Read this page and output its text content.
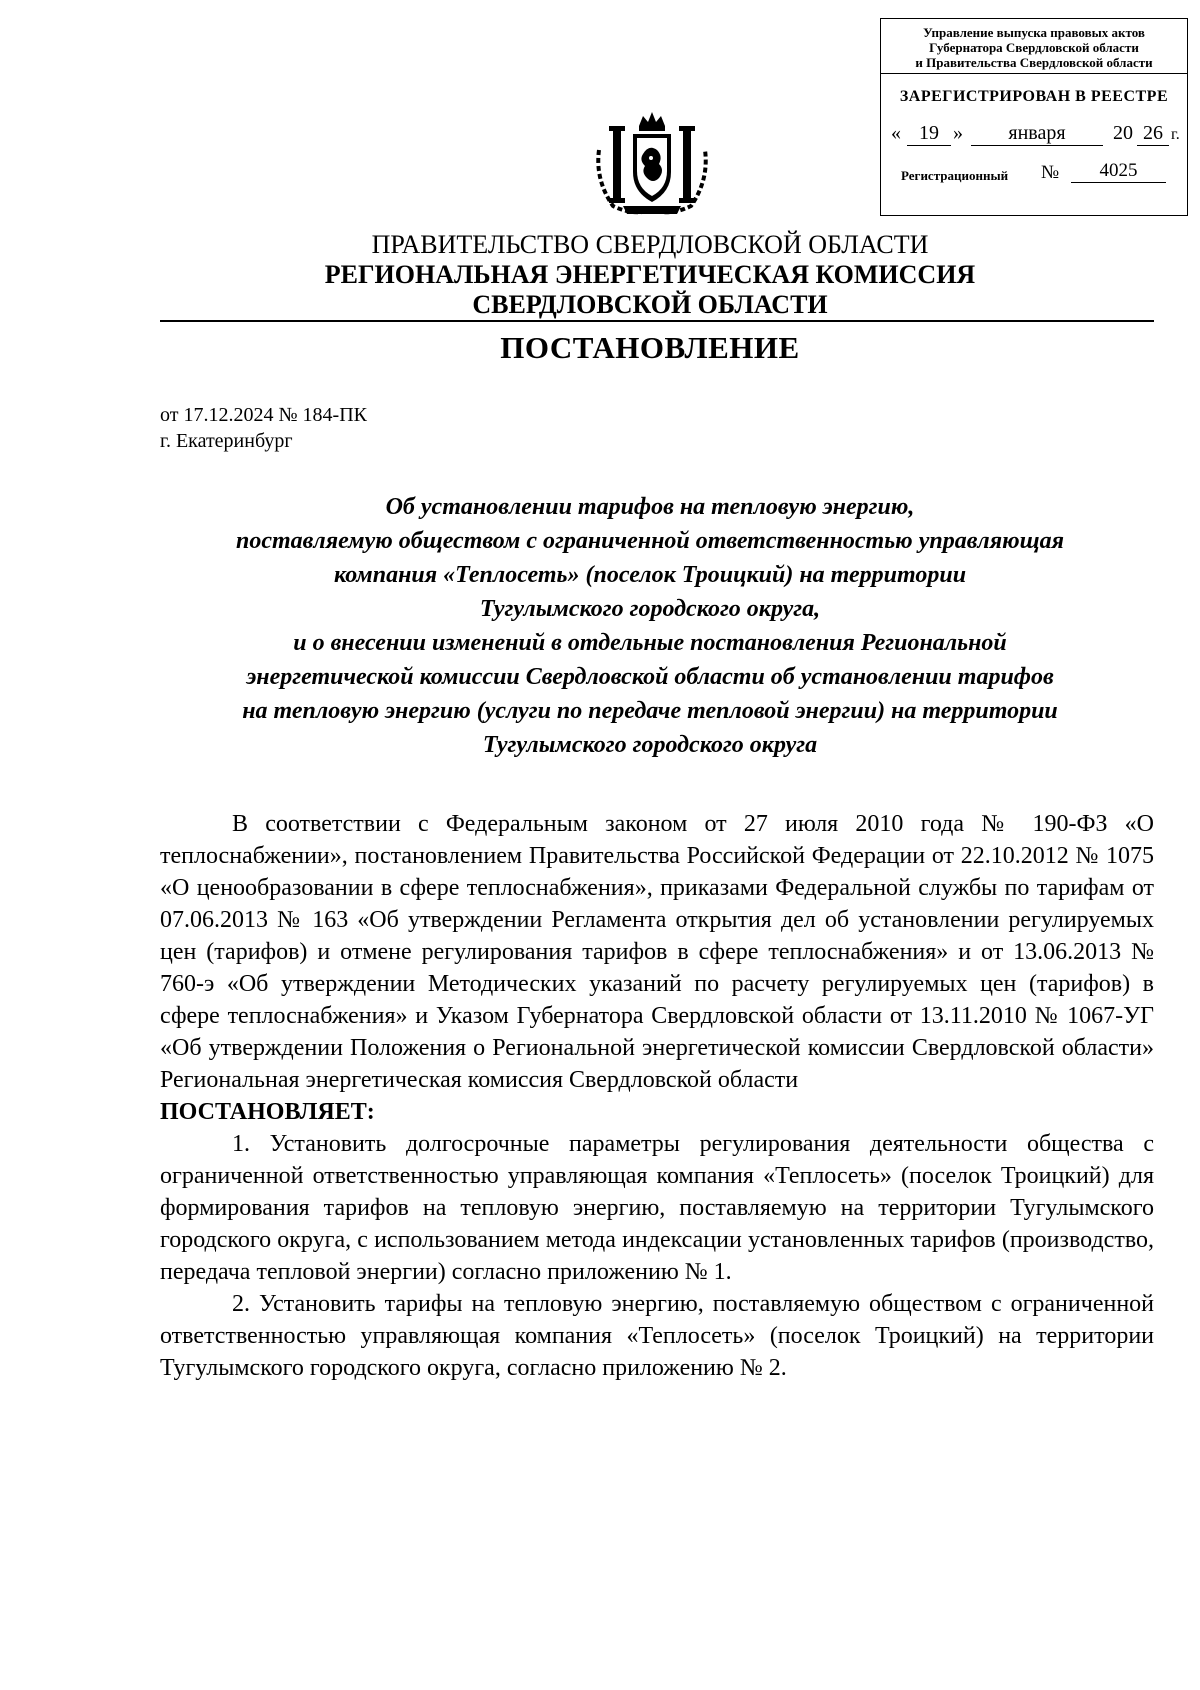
Управление выпуска правовых актов
Губернатора Свердловской области
и Правительства Свердловской области
ЗАРЕГИСТРИРОВАН В РЕЕСТРЕ
« 19 »	января	20 26 г.
Регистрационный №	4025
ПРАВИТЕЛЬСТВО СВЕРДЛОВСКОЙ ОБЛАСТИ
РЕГИОНАЛЬНАЯ ЭНЕРГЕТИЧЕСКАЯ КОМИССИЯ
СВЕРДЛОВСКОЙ ОБЛАСТИ
ПОСТАНОВЛЕНИЕ
от 17.12.2024 № 184-ПК
г. Екатеринбург
Об установлении тарифов на тепловую энергию,
поставляемую обществом с ограниченной ответственностью управляющая
компания «Теплосеть» (поселок Троицкий) на территории
Тугулымского городского округа,
и о внесении изменений в отдельные постановления Региональной
энергетической комиссии Свердловской области об установлении тарифов
на тепловую энергию (услуги по передаче тепловой энергии) на территории
Тугулымского городского округа

В соответствии с Федеральным законом от 27 июля 2010 года № 190-ФЗ «О теплоснабжении», постановлением Правительства Российской Федерации от 22.10.2012 № 1075 «О ценообразовании в сфере теплоснабжения», приказами Федеральной службы по тарифам от 07.06.2013 № 163 «Об утверждении Регламента открытия дел об установлении регулируемых цен (тарифов) и отмене регулирования тарифов в сфере теплоснабжения» и от 13.06.2013 № 760-э «Об утверждении Методических указаний по расчету регулируемых цен (тарифов) в сфере теплоснабжения» и Указом Губернатора Свердловской области от 13.11.2010 № 1067-УГ «Об утверждении Положения о Региональной энергетической комиссии Свердловской области» Региональная энергетическая комиссия Свердловской области

ПОСТАНОВЛЯЕТ:

1. Установить долгосрочные параметры регулирования деятельности общества с ограниченной ответственностью управляющая компания «Теплосеть» (поселок Троицкий) для формирования тарифов на тепловую энергию, поставляемую на территории Тугулымского городского округа, с использованием метода индексации установленных тарифов (производство, передача тепловой энергии) согласно приложению № 1.

2. Установить тарифы на тепловую энергию, поставляемую обществом с ограниченной ответственностью управляющая компания «Теплосеть» (поселок Троицкий) на территории Тугулымского городского округа, согласно приложению № 2.
